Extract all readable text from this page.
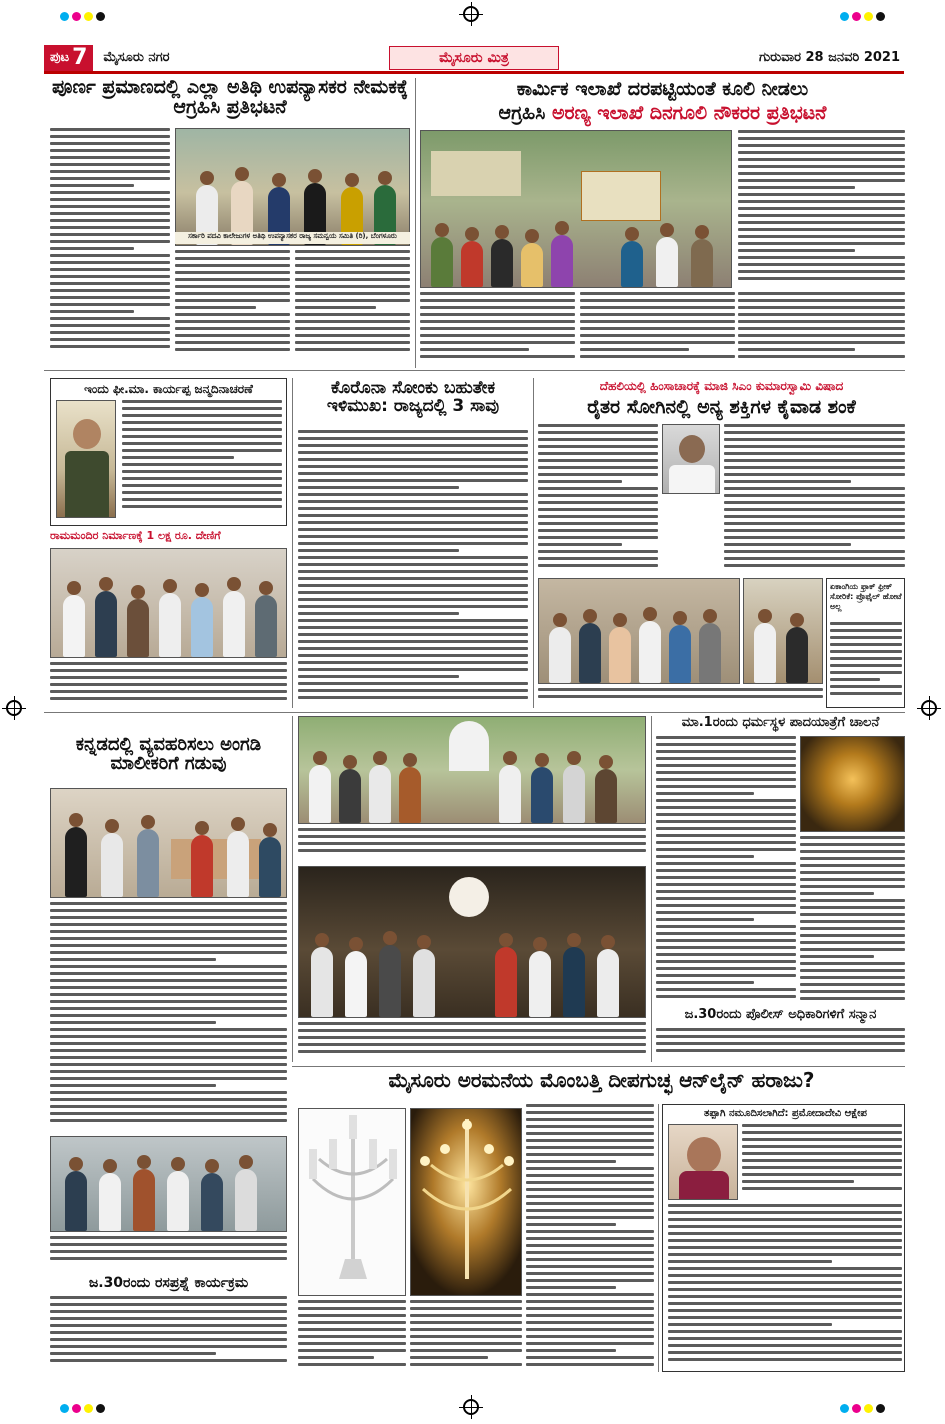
ಪುಟ 7 ಮೈಸೂರು ನಗರ	ಮೈಸೂರು ಮಿತ್ರ	ಗುರುವಾರ 28 ಜನವರಿ 2021
ಪೂರ್ಣ ಪ್ರಮಾಣದಲ್ಲಿ ಎಲ್ಲಾ ಅತಿಥಿ ಉಪನ್ಯಾಸಕರ ನೇಮಕಕ್ಕೆ ಆಗ್ರಹಿಸಿ ಪ್ರತಿಭಟನೆ
ಸರ್ಕಾರಿ ಪದವಿ ಕಾಲೇಜುಗಳ ಅತಿಥಿ ಉಪನ್ಯಾಸಕರ ರಾಜ್ಯ ಸಮನ್ವಯ ಸಮಿತಿ (ರಿ), ಬೆಂಗಳೂರು
ಕಾರ್ಮಿಕ ಇಲಾಖೆ ದರಪಟ್ಟಿಯಂತೆ ಕೂಲಿ ನೀಡಲು
ಆಗ್ರಹಿಸಿ ಅರಣ್ಯ ಇಲಾಖೆ ದಿನಗೂಲಿ ನೌಕರರ ಪ್ರತಿಭಟನೆ
ಇಂದು ಫೀ.ಮಾ. ಕಾರ್ಯಪ್ಪ ಜನ್ಮದಿನಾಚರಣೆ
ರಾಮಮಂದಿರ ನಿರ್ಮಾಣಕ್ಕೆ 1 ಲಕ್ಷ ರೂ. ದೇಣಿಗೆ
ಕೊರೊನಾ ಸೋಂಕು ಬಹುತೇಕ ಇಳಿಮುಖ: ರಾಜ್ಯದಲ್ಲಿ 3 ಸಾವು
ದೆಹಲಿಯಲ್ಲಿ ಹಿಂಸಾಚಾರಕ್ಕೆ ಮಾಜಿ ಸಿಎಂ ಕುಮಾರಸ್ವಾಮಿ ವಿಷಾದ
ರೈತರ ಸೋಗಿನಲ್ಲಿ ಅನ್ಯ ಶಕ್ತಿಗಳ ಕೈವಾಡ ಶಂಕೆ
ಏಕಾಂಗಿಯ ಫ್ರಾಕ್ ಫ್ರೀಕ್ ಸೋರಿಕೆ: ಪ್ರೊಫೈಲ್ ಹೋಟೆ ಅಲ್ಲ
ಕನ್ನಡದಲ್ಲಿ ವ್ಯವಹರಿಸಲು ಅಂಗಡಿ ಮಾಲೀಕರಿಗೆ ಗಡುವು
ಜ.30ರಂದು ರಸಪ್ರಶ್ನೆ ಕಾರ್ಯಕ್ರಮ
ಮಾ.1ರಂದು ಧರ್ಮಸ್ಥಳ ಪಾದಯಾತ್ರೆಗೆ ಚಾಲನೆ
ಜ.30ರಂದು ಪೊಲೀಸ್ ಅಧಿಕಾರಿಗಳಿಗೆ ಸನ್ಮಾನ
ಮೈಸೂರು ಅರಮನೆಯ ಮೊಂಬತ್ತಿ ದೀಪಗುಚ್ಛ ಆನ್‌ಲೈನ್ ಹರಾಜು?
ತಪ್ಪಾಗಿ ನಮೂದಿಸಲಾಗಿದೆ: ಪ್ರಮೋದಾದೇವಿ ಆಕ್ಷೇಪ
